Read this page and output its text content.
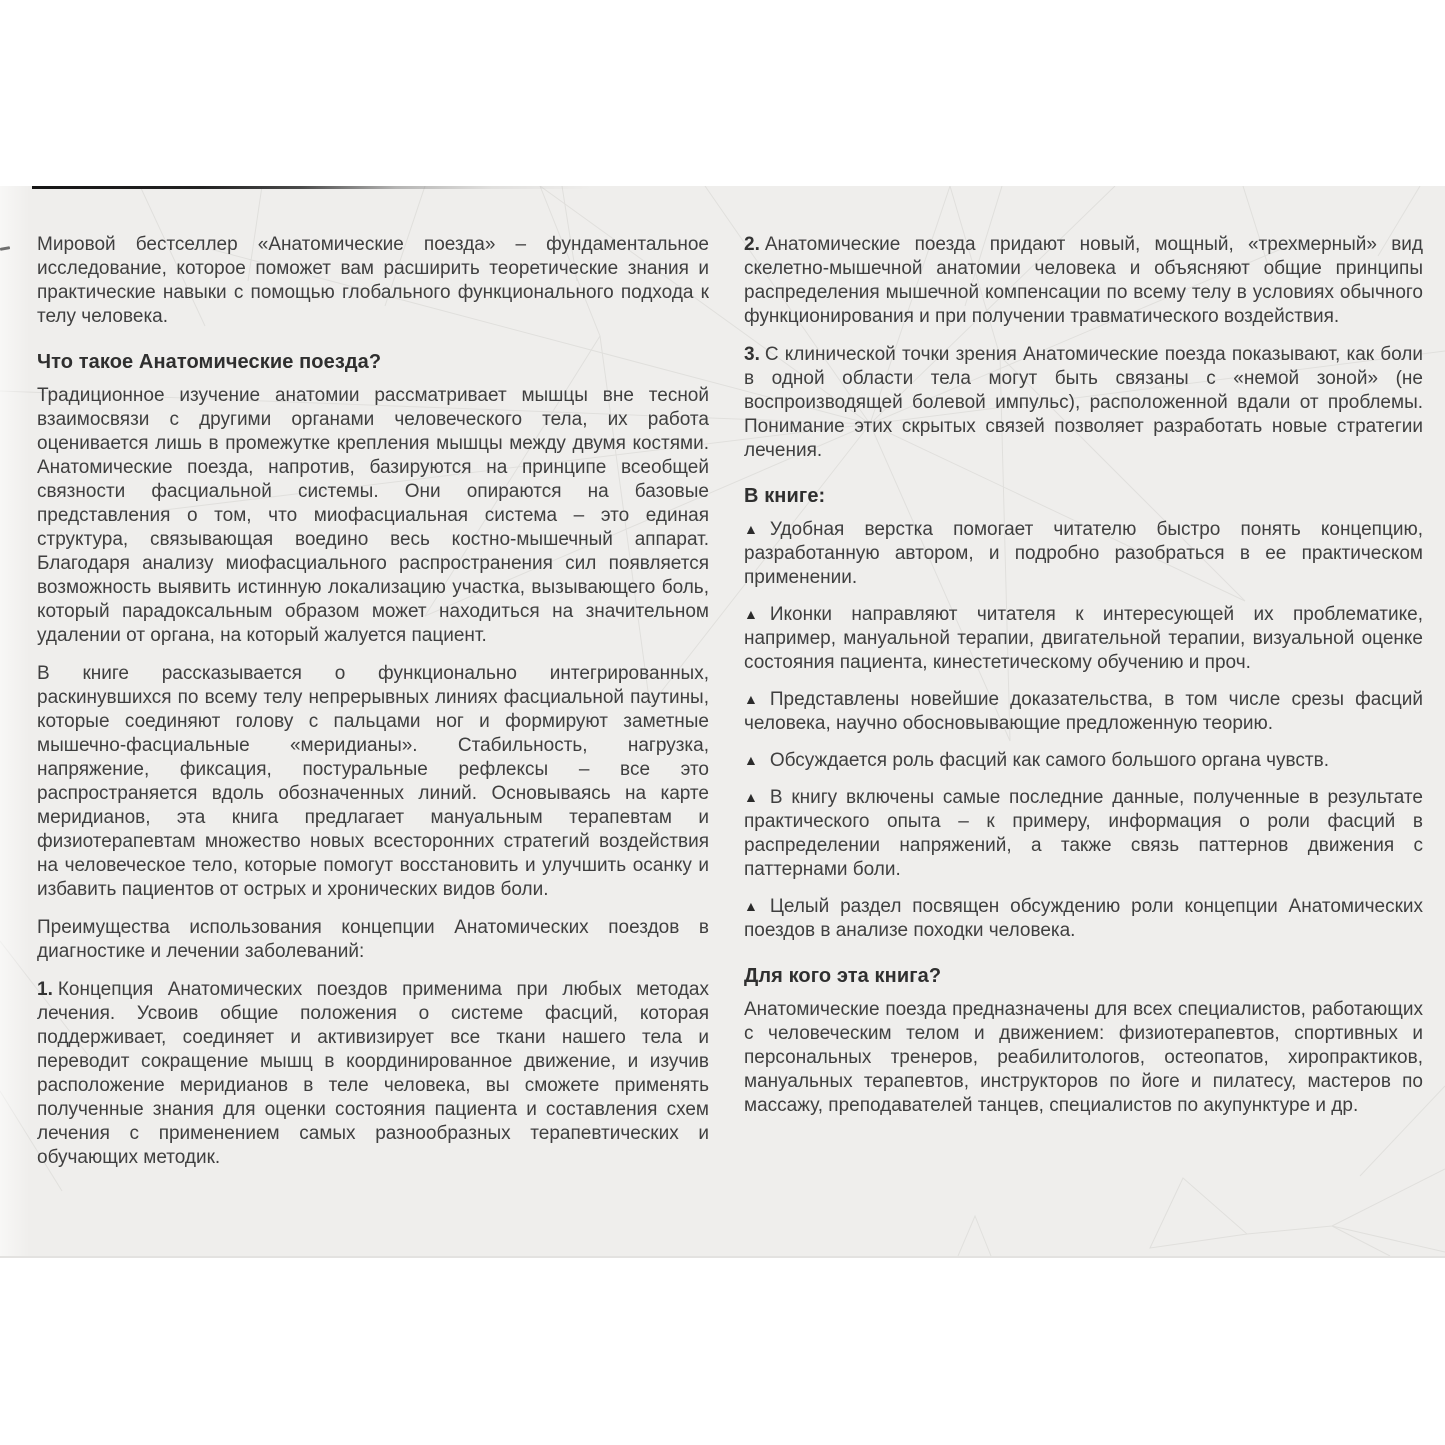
Мировой бестселлер «Анатомические поезда» – фундаментальное исследование, которое поможет вам расширить теоретические знания и практические навыки с помощью глобального функционального подхода к телу человека.

Что такое Анатомические поезда?

Традиционное изучение анатомии рассматривает мышцы вне тесной взаимосвязи с другими органами человеческого тела, их работа оценивается лишь в промежутке крепления мышцы между двумя костями. Анатомические поезда, напротив, базируются на принципе всеобщей связности фасциальной системы. Они опираются на базовые представления о том, что миофасциальная система – это единая структура, связывающая воедино весь костно-мышечный аппарат. Благодаря анализу миофасциального распространения сил появляется возможность выявить истинную локализацию участка, вызывающего боль, который парадоксальным образом может находиться на значительном удалении от органа, на который жалуется пациент.

В книге рассказывается о функционально интегрированных, раскинувшихся по всему телу непрерывных линиях фасциальной паутины, которые соединяют голову с пальцами ног и формируют заметные мышечно-фасциальные «меридианы». Стабильность, нагрузка, напряжение, фиксация, постуральные рефлексы – все это распространяется вдоль обозначенных линий. Основываясь на карте меридианов, эта книга предлагает мануальным терапевтам и физиотерапевтам множество новых всесторонних стратегий воздействия на человеческое тело, которые помогут восстановить и улучшить осанку и избавить пациентов от острых и хронических видов боли.

Преимущества использования концепции Анатомических поездов в диагностике и лечении заболеваний:

1. Концепция Анатомических поездов применима при любых методах лечения. Усвоив общие положения о системе фасций, которая поддерживает, соединяет и активизирует все ткани нашего тела и переводит сокращение мышц в координированное движение, и изучив расположение меридианов в теле человека, вы сможете применять полученные знания для оценки состояния пациента и составления схем лечения с применением самых разнообразных терапевтических и обучающих методик.

2. Анатомические поезда придают новый, мощный, «трехмерный» вид скелетно-мышечной анатомии человека и объясняют общие принципы распределения мышечной компенсации по всему телу в условиях обычного функционирования и при получении травматического воздействия.

3. С клинической точки зрения Анатомические поезда показывают, как боли в одной области тела могут быть связаны с «немой зоной» (не воспроизводящей болевой импульс), расположенной вдали от проблемы. Понимание этих скрытых связей позволяет разработать новые стратегии лечения.

В книге:

▲ Удобная верстка помогает читателю быстро понять концепцию, разработанную автором, и подробно разобраться в ее практическом применении.

▲ Иконки направляют читателя к интересующей их проблематике, например, мануальной терапии, двигательной терапии, визуальной оценке состояния пациента, кинестетическому обучению и проч.

▲ Представлены новейшие доказательства, в том числе срезы фасций человека, научно обосновывающие предложенную теорию.

▲ Обсуждается роль фасций как самого большого органа чувств.

▲ В книгу включены самые последние данные, полученные в результате практического опыта – к примеру, информация о роли фасций в распределении напряжений, а также связь паттернов движения с паттернами боли.

▲ Целый раздел посвящен обсуждению роли концепции Анатомических поездов в анализе походки человека.

Для кого эта книга?

Анатомические поезда предназначены для всех специалистов, работающих с человеческим телом и движением: физиотерапевтов, спортивных и персональных тренеров, реабилитологов, остеопатов, хиропрактиков, мануальных терапевтов, инструкторов по йоге и пилатесу, мастеров по массажу, преподавателей танцев, специалистов по акупунктуре и др.
